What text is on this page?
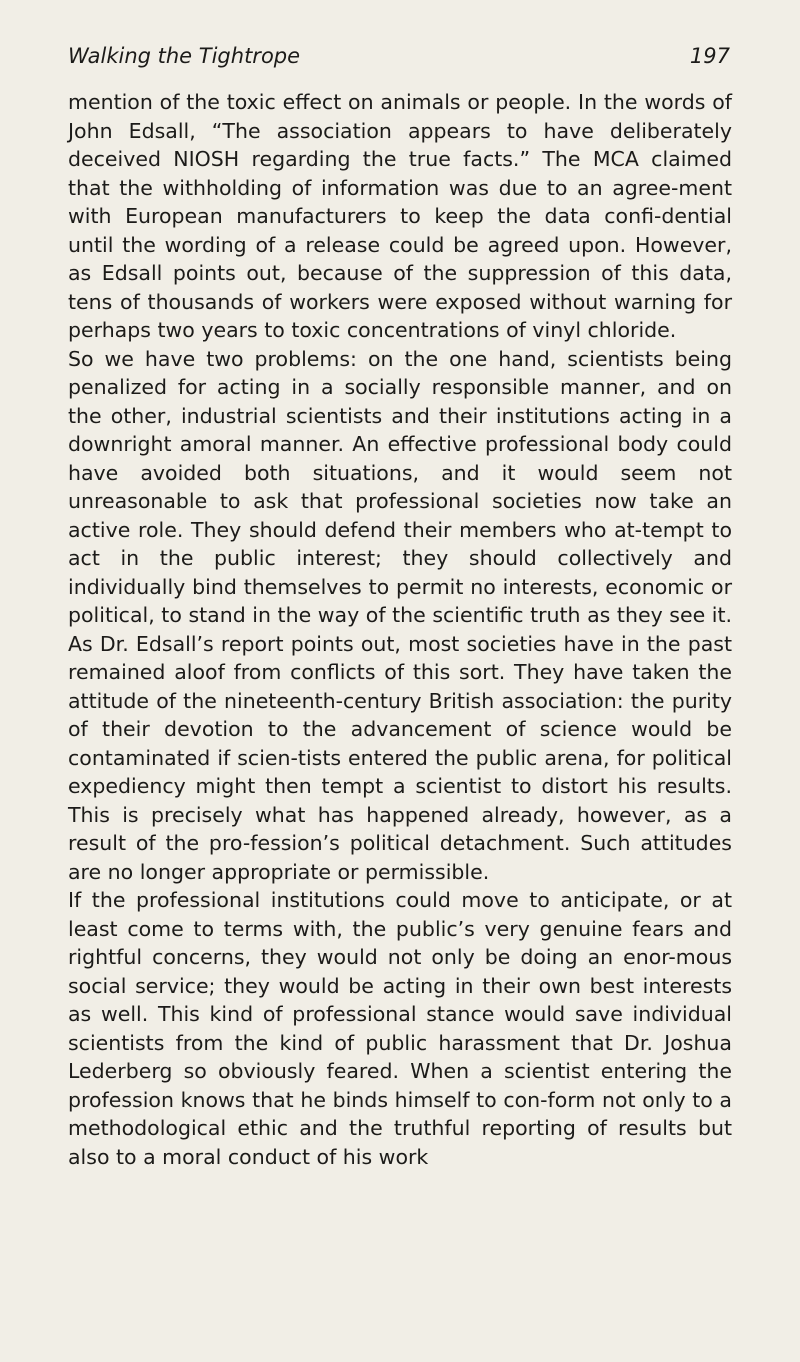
Walking the Tightrope	197

mention of the toxic effect on animals or people. In the words of John Edsall, “The association appears to have deliberately deceived NIOSH regarding the true facts.” The MCA claimed that the withholding of information was due to an agree-ment with European manufacturers to keep the data confi-dential until the wording of a release could be agreed upon. However, as Edsall points out, because of the suppression of this data, tens of thousands of workers were exposed without warning for perhaps two years to toxic concentrations of vinyl chloride.

So we have two problems: on the one hand, scientists being penalized for acting in a socially responsible manner, and on the other, industrial scientists and their institutions acting in a downright amoral manner. An effective professional body could have avoided both situations, and it would seem not unreasonable to ask that professional societies now take an active role. They should defend their members who at-tempt to act in the public interest; they should collectively and individually bind themselves to permit no interests, economic or political, to stand in the way of the scientific truth as they see it. As Dr. Edsall’s report points out, most societies have in the past remained aloof from conflicts of this sort. They have taken the attitude of the nineteenth-century British association: the purity of their devotion to the advancement of science would be contaminated if scien-tists entered the public arena, for political expediency might then tempt a scientist to distort his results. This is precisely what has happened already, however, as a result of the pro-fession’s political detachment. Such attitudes are no longer appropriate or permissible.

If the professional institutions could move to anticipate, or at least come to terms with, the public’s very genuine fears and rightful concerns, they would not only be doing an enor-mous social service; they would be acting in their own best interests as well. This kind of professional stance would save individual scientists from the kind of public harassment that Dr. Joshua Lederberg so obviously feared. When a scientist entering the profession knows that he binds himself to con-form not only to a methodological ethic and the truthful reporting of results but also to a moral conduct of his work
